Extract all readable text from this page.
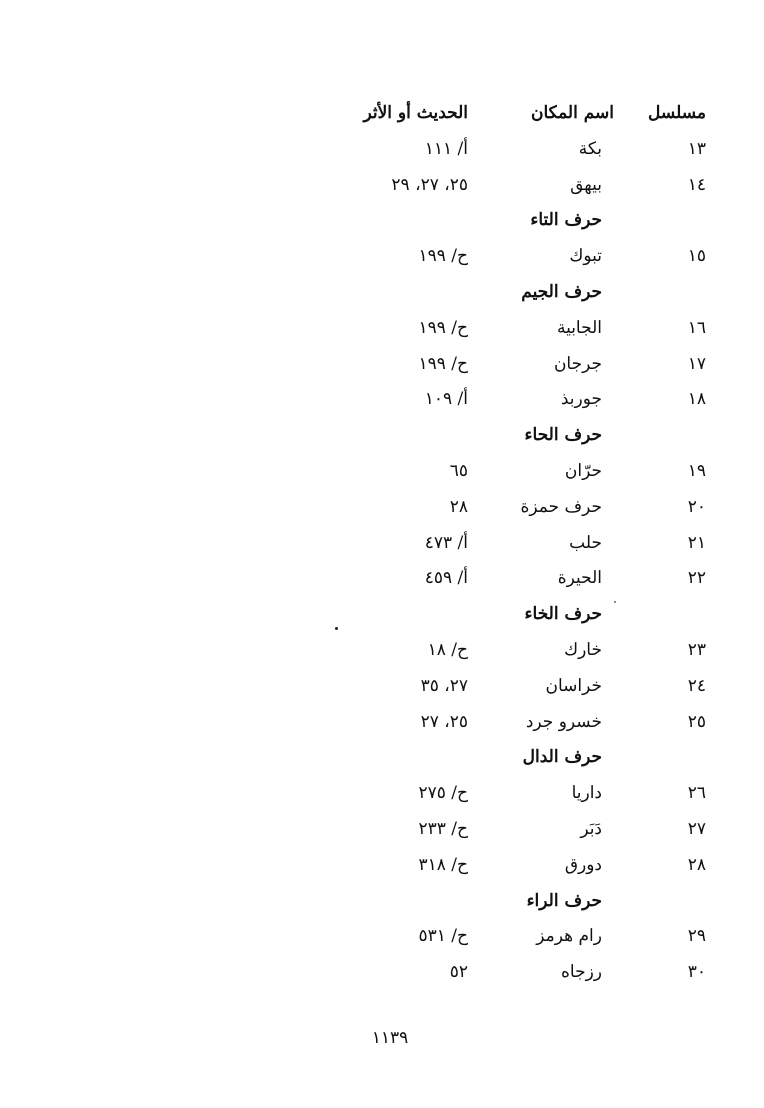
مسلسل
اسم المكان
الحديث أو الأثر
١٣
بكة
أ/ ١١١
١٤
بيهق
٢٥، ٢٧، ٢٩
حرف التاء
١٥
تبوك
ح/ ١٩٩
حرف الجيم
١٦
الجابية
ح/ ١٩٩
١٧
جرجان
ح/ ١٩٩
١٨
جوربذ
أ/ ١٠٩
حرف الحاء
١٩
حرّان
٦٥
٢٠
حرف حمزة
٢٨
٢١
حلب
أ/ ٤٧٣
٢٢
الحيرة
أ/ ٤٥٩
حرف الخاء
٢٣
خارك
ح/ ١٨
٢٤
خراسان
٢٧، ٣٥
٢٥
خسرو جرد
٢٥، ٢٧
حرف الدال
٢٦
داريا
ح/ ٢٧٥
٢٧
دَبَر
ح/ ٢٣٣
٢٨
دورق
ح/ ٣١٨
حرف الراء
٢٩
رام هرمز
ح/ ٥٣١
٣٠
رزجاه
٥٢
١١٣٩
